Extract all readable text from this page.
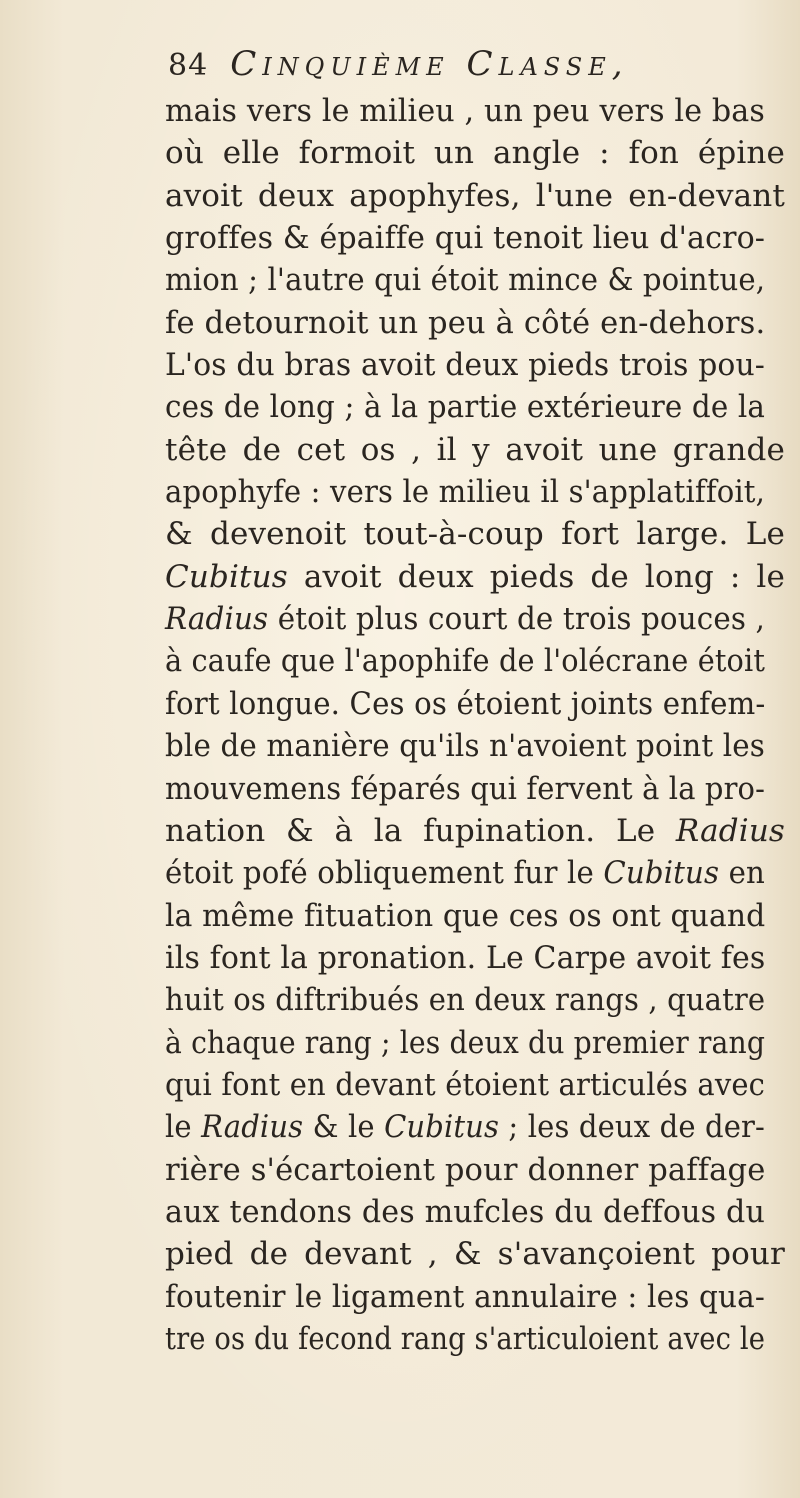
84 Cinquième Classe,
mais vers le milieu , un peu vers le bas
où elle formoit un angle : fon épine
avoit deux apophyfes, l'une en-devant
groffes & épaiffe qui tenoit lieu d'acro-
mion ; l'autre qui étoit mince & pointue,
fe detournoit un peu à côté en-dehors.
L'os du bras avoit deux pieds trois pou-
ces de long ; à la partie extérieure de la
tête de cet os , il y avoit une grande
apophyfe : vers le milieu il s'applatiffoit,
& devenoit tout-à-coup fort large. Le
Cubitus avoit deux pieds de long : le
Radius étoit plus court de trois pouces ,
à caufe que l'apophife de l'olécrane étoit
fort longue. Ces os étoient joints enfem-
ble de manière qu'ils n'avoient point les
mouvemens féparés qui fervent à la pro-
nation & à la fupination. Le Radius
étoit pofé obliquement fur le Cubitus en
la même fituation que ces os ont quand
ils font la pronation. Le Carpe avoit fes
huit os diftribués en deux rangs , quatre
à chaque rang ; les deux du premier rang
qui font en devant étoient articulés avec
le Radius & le Cubitus ; les deux de der-
rière s'écartoient pour donner paffage
aux tendons des mufcles du deffous du
pied de devant , & s'avançoient pour
foutenir le ligament annulaire : les qua-
tre os du fecond rang s'articuloient avec le
